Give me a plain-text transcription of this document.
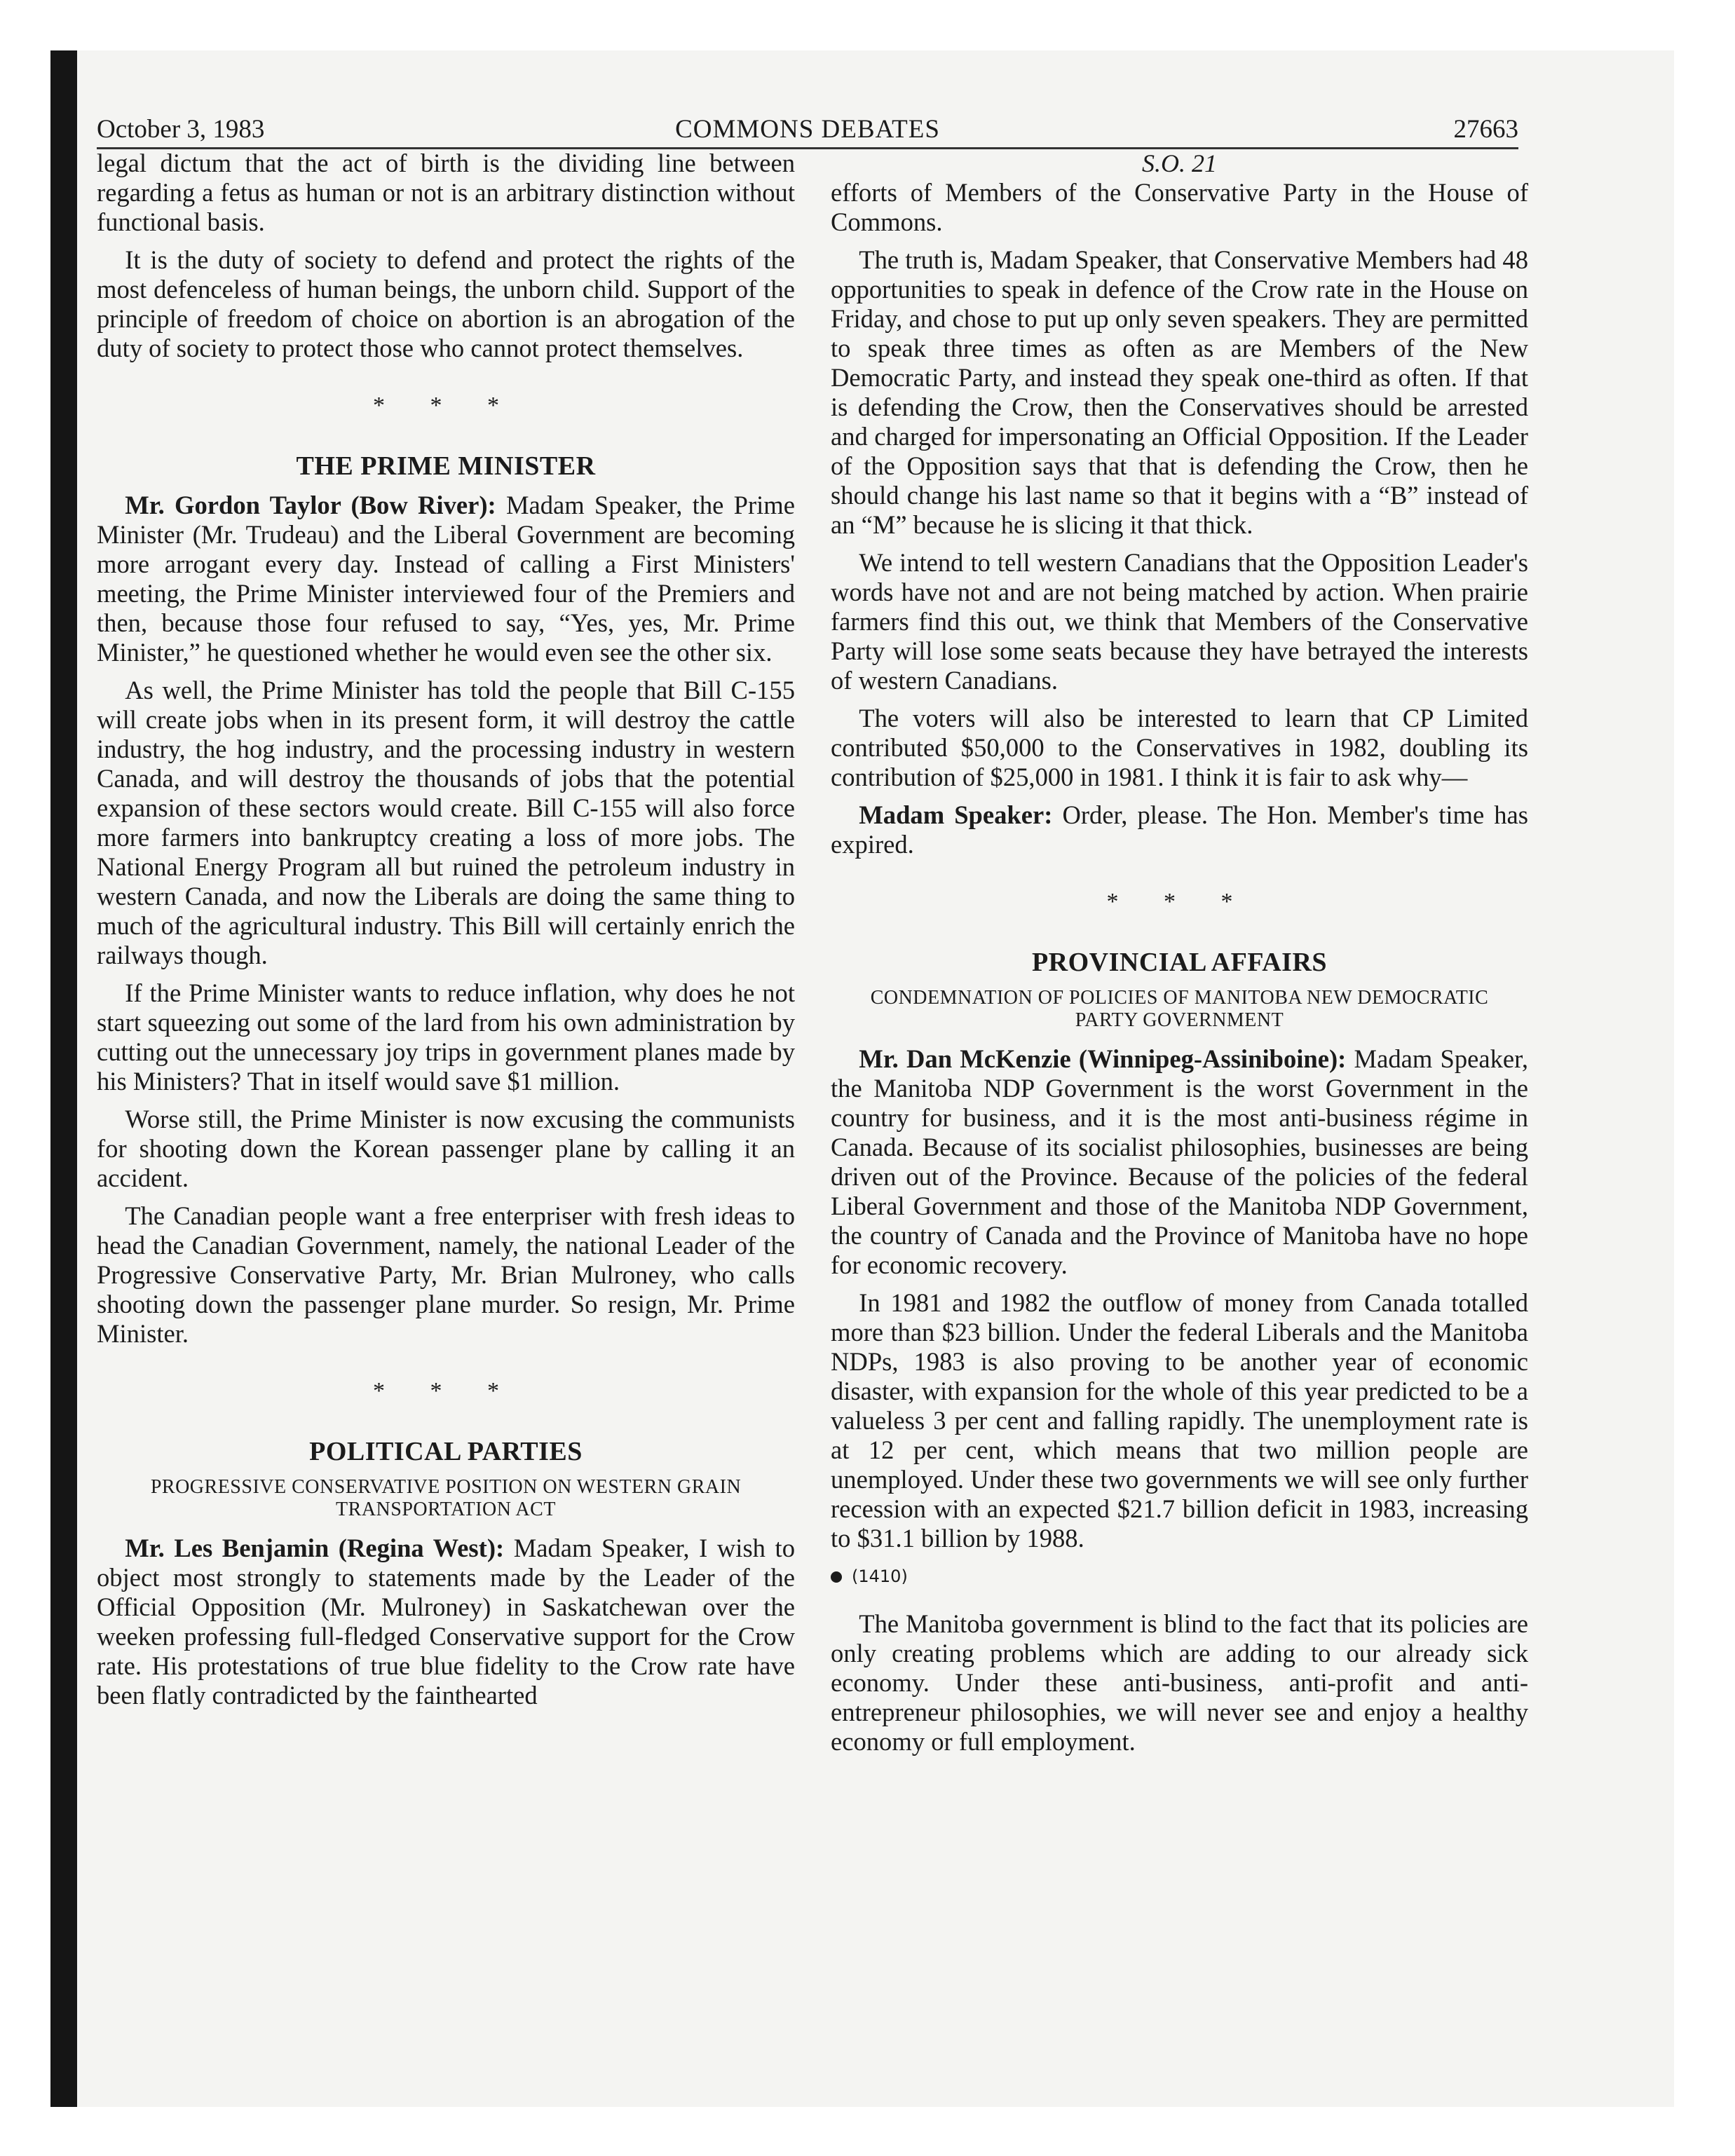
October 3, 1983	COMMONS DEBATES	27663

legal dictum that the act of birth is the dividing line between regarding a fetus as human or not is an arbitrary distinction without functional basis.

It is the duty of society to defend and protect the rights of the most defenceless of human beings, the unborn child. Support of the principle of freedom of choice on abortion is an abrogation of the duty of society to protect those who cannot protect themselves.

* * *
THE PRIME MINISTER

Mr. Gordon Taylor (Bow River): Madam Speaker, the Prime Minister (Mr. Trudeau) and the Liberal Government are becoming more arrogant every day. Instead of calling a First Ministers' meeting, the Prime Minister interviewed four of the Premiers and then, because those four refused to say, “Yes, yes, Mr. Prime Minister,” he questioned whether he would even see the other six.

As well, the Prime Minister has told the people that Bill C-155 will create jobs when in its present form, it will destroy the cattle industry, the hog industry, and the processing industry in western Canada, and will destroy the thousands of jobs that the potential expansion of these sectors would create. Bill C-155 will also force more farmers into bankruptcy creating a loss of more jobs. The National Energy Program all but ruined the petroleum industry in western Canada, and now the Liberals are doing the same thing to much of the agricultural industry. This Bill will certainly enrich the railways though.

If the Prime Minister wants to reduce inflation, why does he not start squeezing out some of the lard from his own administration by cutting out the unnecessary joy trips in government planes made by his Ministers? That in itself would save $1 million.

Worse still, the Prime Minister is now excusing the communists for shooting down the Korean passenger plane by calling it an accident.

The Canadian people want a free enterpriser with fresh ideas to head the Canadian Government, namely, the national Leader of the Progressive Conservative Party, Mr. Brian Mulroney, who calls shooting down the passenger plane murder. So resign, Mr. Prime Minister.

* * *
POLITICAL PARTIES
PROGRESSIVE CONSERVATIVE POSITION ON WESTERN GRAIN TRANSPORTATION ACT

Mr. Les Benjamin (Regina West): Madam Speaker, I wish to object most strongly to statements made by the Leader of the Official Opposition (Mr. Mulroney) in Saskatchewan over the weeken professing full-fledged Conservative support for the Crow rate. His protestations of true blue fidelity to the Crow rate have been flatly contradicted by the fainthearted

S.O. 21

efforts of Members of the Conservative Party in the House of Commons.

The truth is, Madam Speaker, that Conservative Members had 48 opportunities to speak in defence of the Crow rate in the House on Friday, and chose to put up only seven speakers. They are permitted to speak three times as often as are Members of the New Democratic Party, and instead they speak one-third as often. If that is defending the Crow, then the Conservatives should be arrested and charged for impersonating an Official Opposition. If the Leader of the Opposition says that that is defending the Crow, then he should change his last name so that it begins with a “B” instead of an “M” because he is slicing it that thick.

We intend to tell western Canadians that the Opposition Leader's words have not and are not being matched by action. When prairie farmers find this out, we think that Members of the Conservative Party will lose some seats because they have betrayed the interests of western Canadians.

The voters will also be interested to learn that CP Limited contributed $50,000 to the Conservatives in 1982, doubling its contribution of $25,000 in 1981. I think it is fair to ask why—

Madam Speaker: Order, please. The Hon. Member's time has expired.

* * *
PROVINCIAL AFFAIRS
CONDEMNATION OF POLICIES OF MANITOBA NEW DEMOCRATIC PARTY GOVERNMENT

Mr. Dan McKenzie (Winnipeg-Assiniboine): Madam Speaker, the Manitoba NDP Government is the worst Government in the country for business, and it is the most anti-business régime in Canada. Because of its socialist philosophies, businesses are being driven out of the Province. Because of the policies of the federal Liberal Government and those of the Manitoba NDP Government, the country of Canada and the Province of Manitoba have no hope for economic recovery.

In 1981 and 1982 the outflow of money from Canada totalled more than $23 billion. Under the federal Liberals and the Manitoba NDPs, 1983 is also proving to be another year of economic disaster, with expansion for the whole of this year predicted to be a valueless 3 per cent and falling rapidly. The unemployment rate is at 12 per cent, which means that two million people are unemployed. Under these two governments we will see only further recession with an expected $21.7 billion deficit in 1983, increasing to $31.1 billion by 1988.

(1410)

The Manitoba government is blind to the fact that its policies are only creating problems which are adding to our already sick economy. Under these anti-business, anti-profit and anti-entrepreneur philosophies, we will never see and enjoy a healthy economy or full employment.
